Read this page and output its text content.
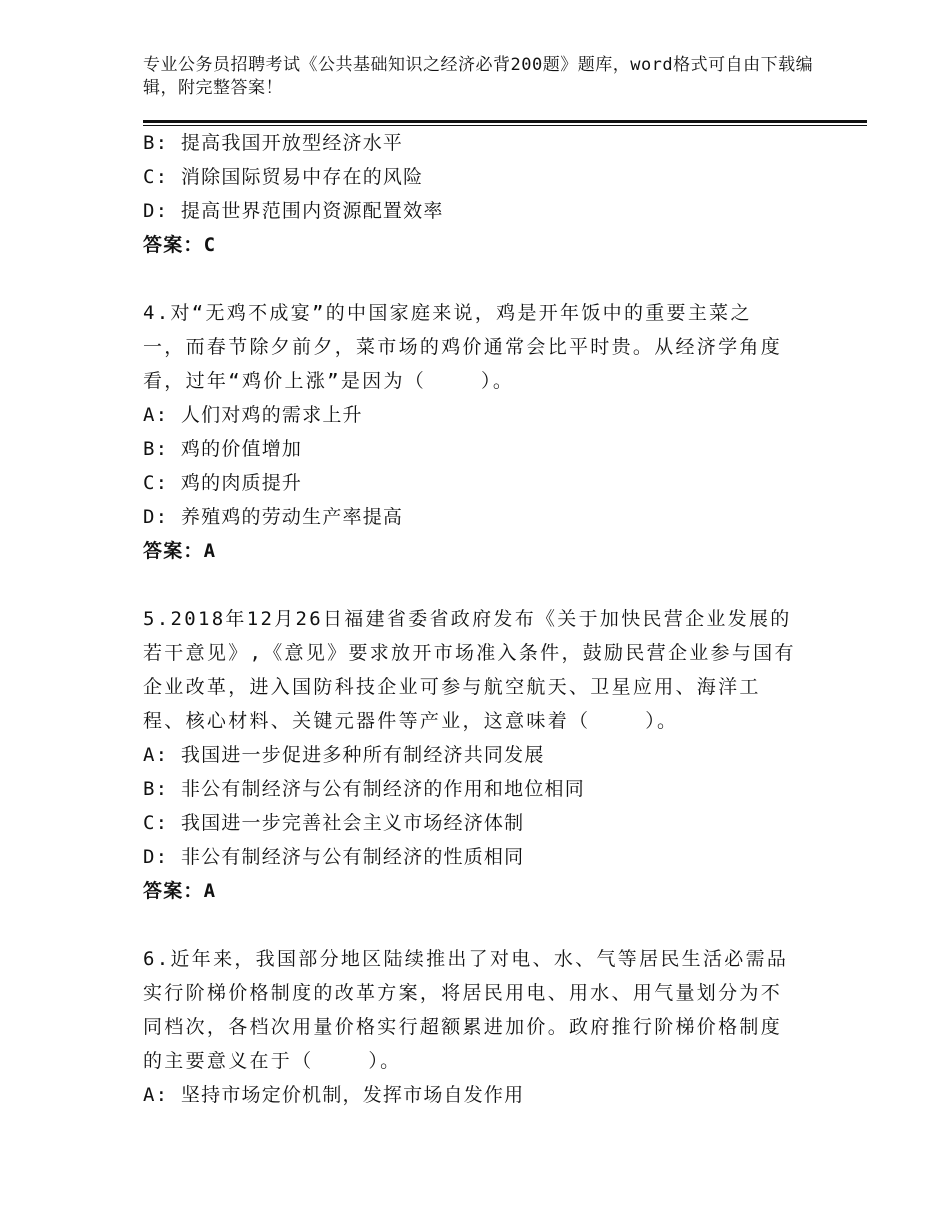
专业公务员招聘考试《公共基础知识之经济必背200题》题库，word格式可自由下载编辑，附完整答案！
B: 提高我国开放型经济水平
C: 消除国际贸易中存在的风险
D: 提高世界范围内资源配置效率
答案：C
4.对“无鸡不成宴”的中国家庭来说，鸡是开年饭中的重要主菜之
一，而春节除夕前夕，菜市场的鸡价通常会比平时贵。从经济学角度
看，过年“鸡价上涨”是因为（    ）。
A: 人们对鸡的需求上升
B: 鸡的价值增加
C: 鸡的肉质提升
D: 养殖鸡的劳动生产率提高
答案：A
5.2018年12月26日福建省委省政府发布《关于加快民营企业发展的
若干意见》,《意见》要求放开市场准入条件，鼓励民营企业参与国有
企业改革，进入国防科技企业可参与航空航天、卫星应用、海洋工
程、核心材料、关键元器件等产业，这意味着（    ）。
A: 我国进一步促进多种所有制经济共同发展
B: 非公有制经济与公有制经济的作用和地位相同
C: 我国进一步完善社会主义市场经济体制
D: 非公有制经济与公有制经济的性质相同
答案：A
6.近年来，我国部分地区陆续推出了对电、水、气等居民生活必需品
实行阶梯价格制度的改革方案，将居民用电、用水、用气量划分为不
同档次，各档次用量价格实行超额累进加价。政府推行阶梯价格制度
的主要意义在于（    ）。
A: 坚持市场定价机制，发挥市场自发作用
